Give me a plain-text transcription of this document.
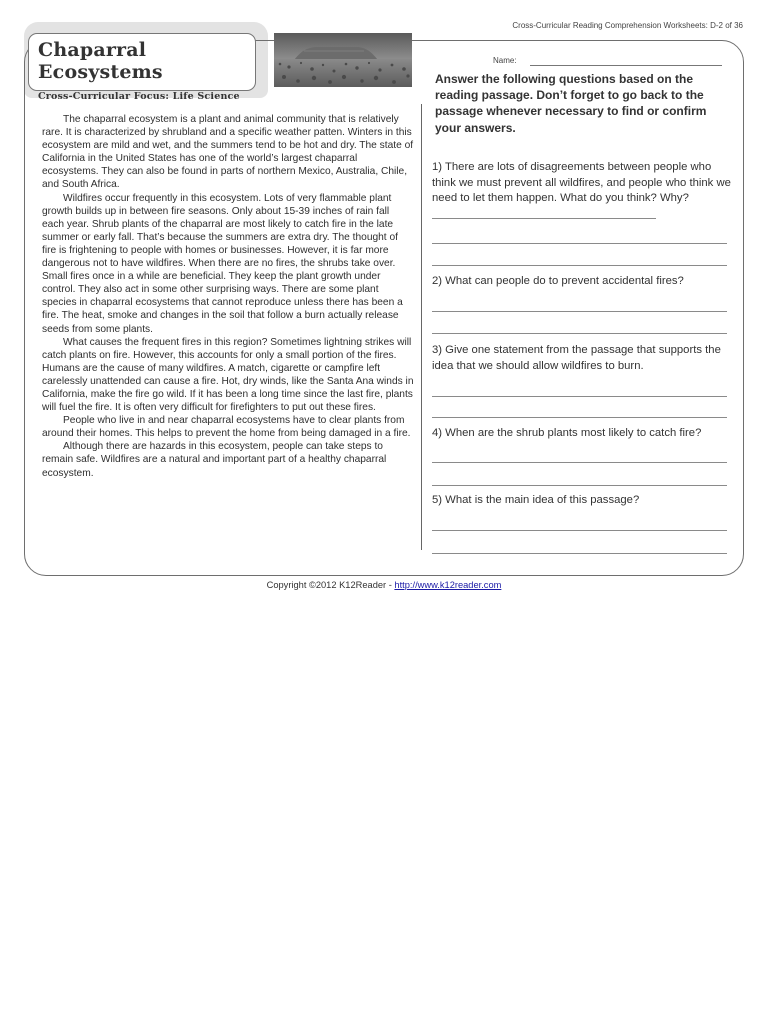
Cross-Curricular Reading Comprehension Worksheets: D-2 of 36
Chaparral Ecosystems
Cross-Curricular Focus: Life Science

The chaparral ecosystem is a plant and animal community that is relatively rare. It is characterized by shrubland and a specific weather patten. Winters in this ecosystem are mild and wet, and the summers tend to be hot and dry. The state of California in the United States has one of the world’s largest chaparral ecosystems. They can also be found in parts of northern Mexico, Australia, Chile, and South Africa.

Wildfires occur frequently in this ecosystem. Lots of very flammable plant growth builds up in between fire seasons. Only about 15-39 inches of rain fall each year. Shrub plants of the chaparral are most likely to catch fire in the late summer or early fall. That’s because the summers are extra dry. The thought of fire is frightening to people with homes or businesses. However, it is far more dangerous not to have wildfires. When there are no fires, the shrubs take over. Small fires once in a while are beneficial. They keep the plant growth under control. They also act in some other surprising ways. There are some plant species in chaparral ecosystems that cannot reproduce unless there has been a fire. The heat, smoke and changes in the soil that follow a burn actually release seeds from some plants.

What causes the frequent fires in this region? Sometimes lightning strikes will catch plants on fire. However, this accounts for only a small portion of the fires. Humans are the cause of many wildfires. A match, cigarette or campfire left carelessly unattended can cause a fire. Hot, dry winds, like the Santa Ana winds in California, make the fire go wild. If it has been a long time since the last fire, plants will fuel the fire. It is often very difficult for firefighters to put out these fires.

People who live in and near chaparral ecosystems have to clear plants from around their homes. This helps to prevent the home from being damaged in a fire.

Although there are hazards in this ecosystem, people can take steps to remain safe. Wildfires are a natural and important part of a healthy chaparral ecosystem.

Name:
Answer the following questions based on the reading passage. Don’t forget to go back to the passage whenever necessary to find or confirm your answers.
1) There are lots of disagreements between people who think we must prevent all wildfires, and people who think we need to let them happen. What do you think? Why?
2) What can people do to prevent accidental fires?
3) Give one statement from the passage that supports the idea that we should allow wildfires to burn.
4) When are the shrub plants most likely to catch fire?
5) What is the main idea of this passage?
Copyright ©2012 K12Reader - http://www.k12reader.com
